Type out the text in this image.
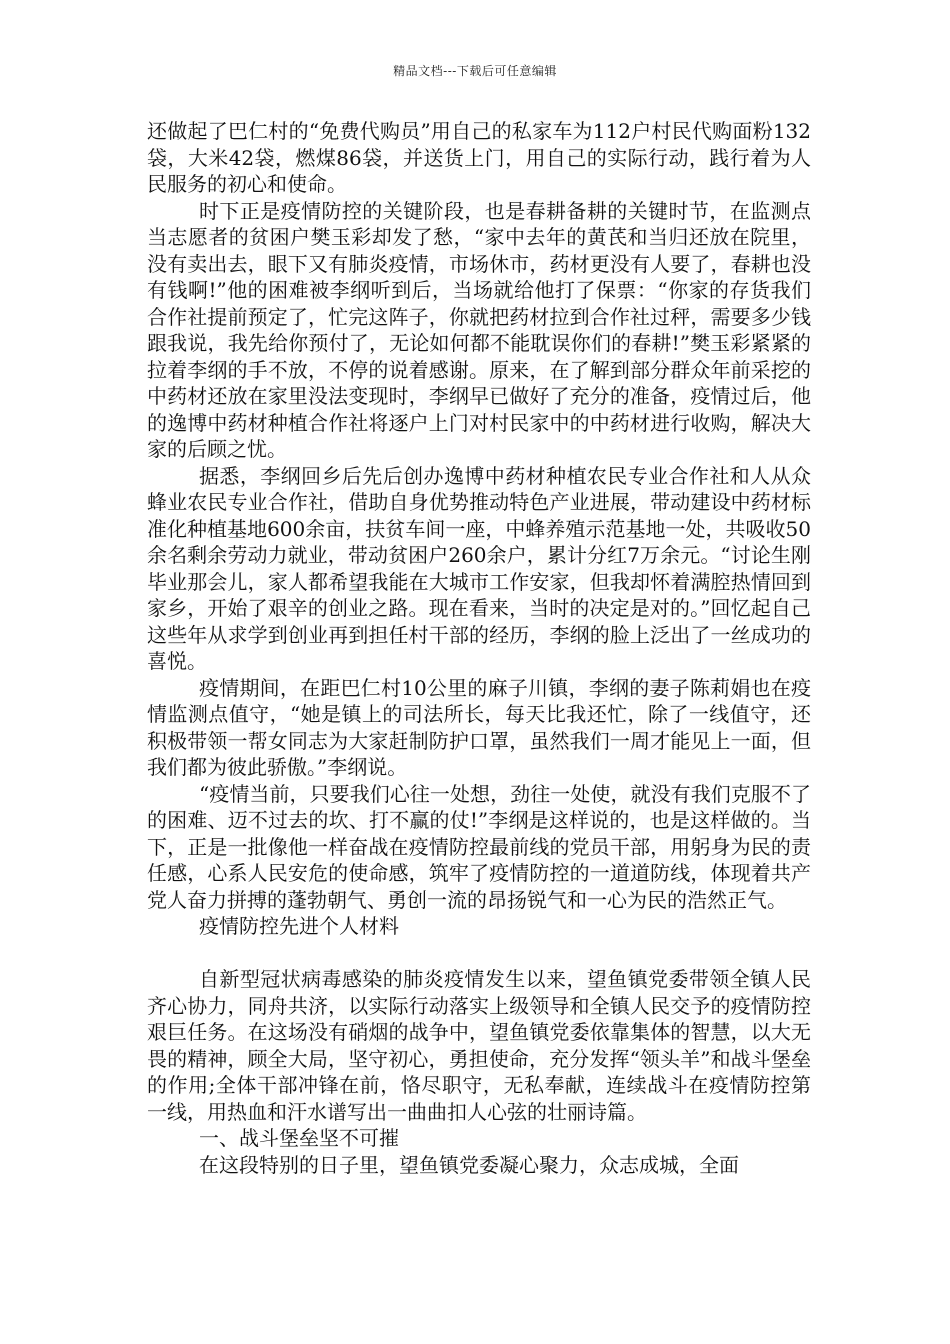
精品文档---下载后可任意编辑

还做起了巴仁村的“免费代购员”用自己的私家车为112户村民代购面粉132袋，大米42袋，燃煤86袋，并送货上门，用自己的实际行动，践行着为人民服务的初心和使命。

时下正是疫情防控的关键阶段，也是春耕备耕的关键时节，在监测点当志愿者的贫困户樊玉彩却发了愁，“家中去年的黄芪和当归还放在院里，没有卖出去，眼下又有肺炎疫情，市场休市，药材更没有人要了，春耕也没有钱啊!”他的困难被李纲听到后，当场就给他打了保票：“你家的存货我们合作社提前预定了，忙完这阵子，你就把药材拉到合作社过秤，需要多少钱跟我说，我先给你预付了，无论如何都不能耽误你们的春耕!”樊玉彩紧紧的拉着李纲的手不放，不停的说着感谢。原来，在了解到部分群众年前采挖的中药材还放在家里没法变现时，李纲早已做好了充分的准备，疫情过后，他的逸博中药材种植合作社将逐户上门对村民家中的中药材进行收购，解决大家的后顾之忧。

据悉，李纲回乡后先后创办逸博中药材种植农民专业合作社和人从众蜂业农民专业合作社，借助自身优势推动特色产业进展，带动建设中药材标准化种植基地600余亩，扶贫车间一座，中蜂养殖示范基地一处，共吸收50余名剩余劳动力就业，带动贫困户260余户，累计分红7万余元。“讨论生刚毕业那会儿，家人都希望我能在大城市工作安家，但我却怀着满腔热情回到家乡，开始了艰辛的创业之路。现在看来，当时的决定是对的。”回忆起自己这些年从求学到创业再到担任村干部的经历，李纲的脸上泛出了一丝成功的喜悦。

疫情期间，在距巴仁村10公里的麻子川镇，李纲的妻子陈莉娟也在疫情监测点值守，“她是镇上的司法所长，每天比我还忙，除了一线值守，还积极带领一帮女同志为大家赶制防护口罩，虽然我们一周才能见上一面，但我们都为彼此骄傲。”李纲说。

“疫情当前，只要我们心往一处想，劲往一处使，就没有我们克服不了的困难、迈不过去的坎、打不赢的仗!”李纲是这样说的，也是这样做的。当下，正是一批像他一样奋战在疫情防控最前线的党员干部，用躬身为民的责任感，心系人民安危的使命感，筑牢了疫情防控的一道道防线，体现着共产党人奋力拼搏的蓬勃朝气、勇创一流的昂扬锐气和一心为民的浩然正气。

疫情防控先进个人材料

自新型冠状病毒感染的肺炎疫情发生以来，望鱼镇党委带领全镇人民齐心协力，同舟共济，以实际行动落实上级领导和全镇人民交予的疫情防控艰巨任务。在这场没有硝烟的战争中，望鱼镇党委依靠集体的智慧，以大无畏的精神，顾全大局，坚守初心，勇担使命，充分发挥“领头羊”和战斗堡垒的作用;全体干部冲锋在前，恪尽职守，无私奉献，连续战斗在疫情防控第一线，用热血和汗水谱写出一曲曲扣人心弦的壮丽诗篇。

一、战斗堡垒坚不可摧

在这段特别的日子里，望鱼镇党委凝心聚力，众志成城，全面
